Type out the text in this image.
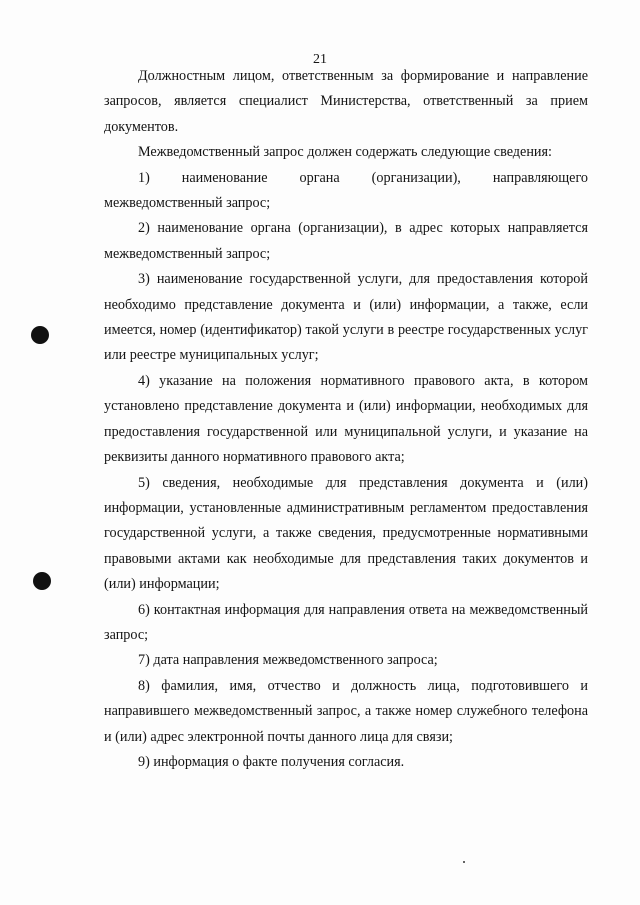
21

Должностным лицом, ответственным за формирование и направление запросов, является специалист Министерства, ответственный за прием документов.

Межведомственный запрос должен содержать следующие сведения:

1) наименование органа (организации), направляющего межведомственный запрос;

2) наименование органа (организации), в адрес которых направляется межведомственный запрос;

3) наименование государственной услуги, для предоставления которой необходимо представление документа и (или) информации, а также, если имеется, номер (идентификатор) такой услуги в реестре государственных услуг или реестре муниципальных услуг;

4) указание на положения нормативного правового акта, в котором установлено представление документа и (или) информации, необходимых для предоставления государственной или муниципальной услуги, и указание на реквизиты данного нормативного правового акта;

5) сведения, необходимые для представления документа и (или) информации, установленные административным регламентом предоставления государственной услуги, а также сведения, предусмотренные нормативными правовыми актами как необходимые для представления таких документов и (или) информации;

6) контактная информация для направления ответа на межведомственный запрос;

7) дата направления межведомственного запроса;

8) фамилия, имя, отчество и должность лица, подготовившего и направившего межведомственный запрос, а также номер служебного телефона и (или) адрес электронной почты данного лица для связи;

9) информация о факте получения согласия.
